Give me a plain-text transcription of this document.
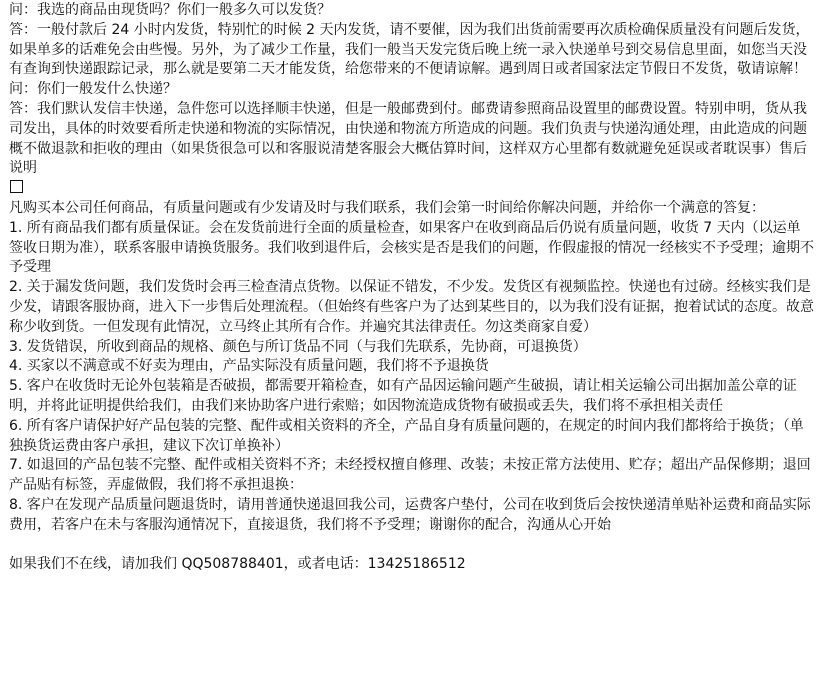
问：我选的商品由现货吗？你们一般多久可以发货？

答：一般付款后 24 小时内发货，特别忙的时候 2 天内发货，请不要催，因为我们出货前需要再次质检确保质量没有问题后发货，如果单多的话难免会由些慢。另外，为了减少工作量，我们一般当天发完货后晚上统一录入快递单号到交易信息里面，如您当天没有查询到快递跟踪记录，那么就是要第二天才能发货，给您带来的不便请谅解。遇到周日或者国家法定节假日不发货，敬请谅解！

问：你们一般发什么快递？

答：我们默认发信丰快递，急件您可以选择顺丰快递，但是一般邮费到付。邮费请参照商品设置里的邮费设置。特别申明，货从我司发出，具体的时效要看所走快递和物流的实际情况，由快递和物流方所造成的问题。我们负责与快递沟通处理，由此造成的问题概不做退款和拒收的理由（如果货很急可以和客服说清楚客服会大概估算时间，这样双方心里都有数就避免延误或者耽误事）售后说明

凡购买本公司任何商品，有质量问题或有少发请及时与我们联系，我们会第一时间给你解决问题，并给你一个满意的答复：

1. 所有商品我们都有质量保证。会在发货前进行全面的质量检查，如果客户在收到商品后仍说有质量问题，收货 7 天内（以运单签收日期为准），联系客服申请换货服务。我们收到退件后，会核实是否是我们的问题，作假虚报的情况一经核实不予受理；逾期不予受理

2. 关于漏发货问题，我们发货时会再三检查清点货物。以保证不错发，不少发。发货区有视频监控。快递也有过磅。经核实我们是少发，请跟客服协商，进入下一步售后处理流程。（但始终有些客户为了达到某些目的，以为我们没有证据，抱着试试的态度。故意称少收到货。一但发现有此情况，立马终止其所有合作。并遍究其法律责任。勿这类商家自爱）

3. 发货错误，所收到商品的规格、颜色与所订货品不同（与我们先联系，先协商，可退换货）

4. 买家以不满意或不好卖为理由，产品实际没有质量问题，我们将不予退换货

5. 客户在收货时无论外包装箱是否破损，都需要开箱检查，如有产品因运输问题产生破损，请让相关运输公司出据加盖公章的证明，并将此证明提供给我们，由我们来协助客户进行索赔；如因物流造成货物有破损或丢失，我们将不承担相关责任

6. 所有客户请保护好产品包装的完整、配件或相关资料的齐全，产品自身有质量问题的，在规定的时间内我们都将给于换货；（单独换货运费由客户承担，建议下次订单换补）

7. 如退回的产品包装不完整、配件或相关资料不齐；未经授权擅自修理、改装；未按正常方法使用、贮存；超出产品保修期；退回产品贴有标签，弄虚做假，我们将不承担退换：

8. 客户在发现产品质量问题退货时，请用普通快递退回我公司，运费客户垫付，公司在收到货后会按快递清单贴补运费和商品实际费用，若客户在未与客服沟通情况下，直接退货，我们将不予受理；谢谢你的配合，沟通从心开始

如果我们不在线，请加我们 QQ508788401，或者电话：13425186512
